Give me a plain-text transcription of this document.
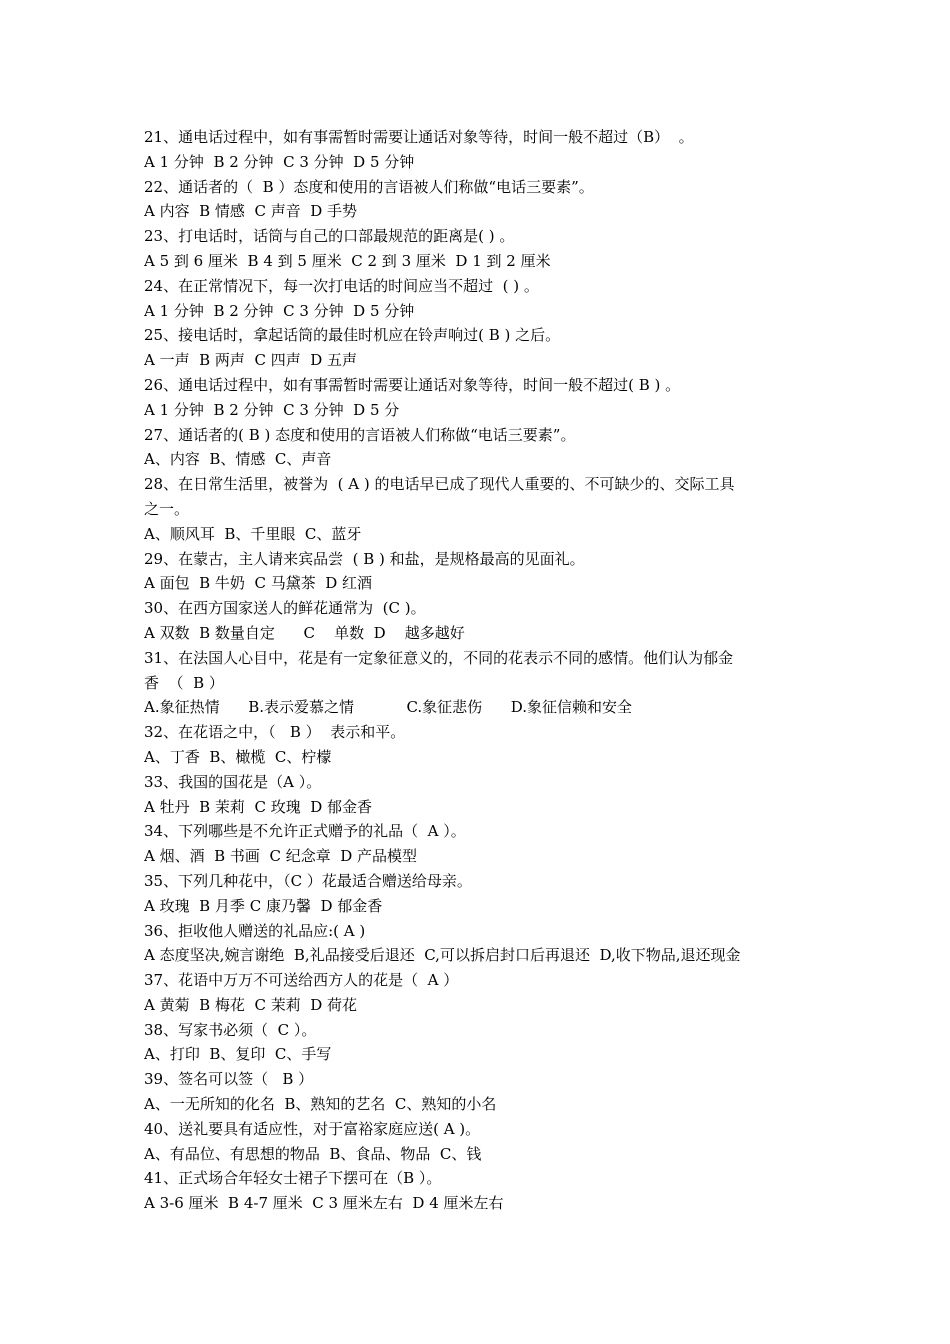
21、通电话过程中，如有事需暂时需要让通话对象等待，时间一般不超过（B）  。
A 1 分钟  B 2 分钟  C 3 分钟  D 5 分钟
22、通话者的（  B ）态度和使用的言语被人们称做“电话三要素”。
A 内容  B 情感  C 声音  D 手势
23、打电话时，话筒与自己的口部最规范的距离是( ) 。
A 5 到 6 厘米  B 4 到 5 厘米  C 2 到 3 厘米  D 1 到 2 厘米
24、在正常情况下，每一次打电话的时间应当不超过  ( ) 。
A 1 分钟  B 2 分钟  C 3 分钟  D 5 分钟
25、接电话时，拿起话筒的最佳时机应在铃声响过( B ) 之后。
A 一声  B 两声  C 四声  D 五声
26、通电话过程中，如有事需暂时需要让通话对象等待，时间一般不超过( B ) 。
A 1 分钟  B 2 分钟  C 3 分钟  D 5 分
27、通话者的( B ) 态度和使用的言语被人们称做“电话三要素”。
A、内容  B、情感  C、声音
28、在日常生活里，被誉为  ( A ) 的电话早已成了现代人重要的、不可缺少的、交际工具
之一。
A、顺风耳  B、千里眼  C、蓝牙
29、在蒙古，主人请来宾品尝  ( B ) 和盐，是规格最高的见面礼。
A 面包  B 牛奶  C 马黛茶  D 红酒
30、在西方国家送人的鲜花通常为  (C )。
A 双数  B 数量自定      C    单数  D    越多越好
31、在法国人心目中，花是有一定象征意义的，不同的花表示不同的感情。他们认为郁金
香  （  B ）
A.象征热情      B.表示爱慕之情           C.象征悲伤      D.象征信赖和安全
32、在花语之中，（   B ）  表示和平。
A、丁香  B、橄榄  C、柠檬
33、我国的国花是（A ）。
A 牡丹  B 茉莉  C 玫瑰  D 郁金香
34、下列哪些是不允许正式赠予的礼品（  A ）。
A 烟、酒  B 书画  C 纪念章  D 产品模型
35、下列几种花中，（C ）花最适合赠送给母亲。
A 玫瑰  B 月季 C 康乃馨  D 郁金香
36、拒收他人赠送的礼品应:( A )
A 态度坚决,婉言谢绝  B,礼品接受后退还  C,可以拆启封口后再退还  D,收下物品,退还现金
37、花语中万万不可送给西方人的花是（  A ）
A 黄菊  B 梅花  C 茉莉  D 荷花
38、写家书必须（  C ）。
A、打印  B、复印  C、手写
39、签名可以签（   B ）
A、一无所知的化名  B、熟知的艺名  C、熟知的小名
40、送礼要具有适应性，对于富裕家庭应送( A )。
A、有品位、有思想的物品  B、食品、物品  C、钱
41、正式场合年轻女士裙子下摆可在（B ）。
A 3-6 厘米  B 4-7 厘米  C 3 厘米左右  D 4 厘米左右
